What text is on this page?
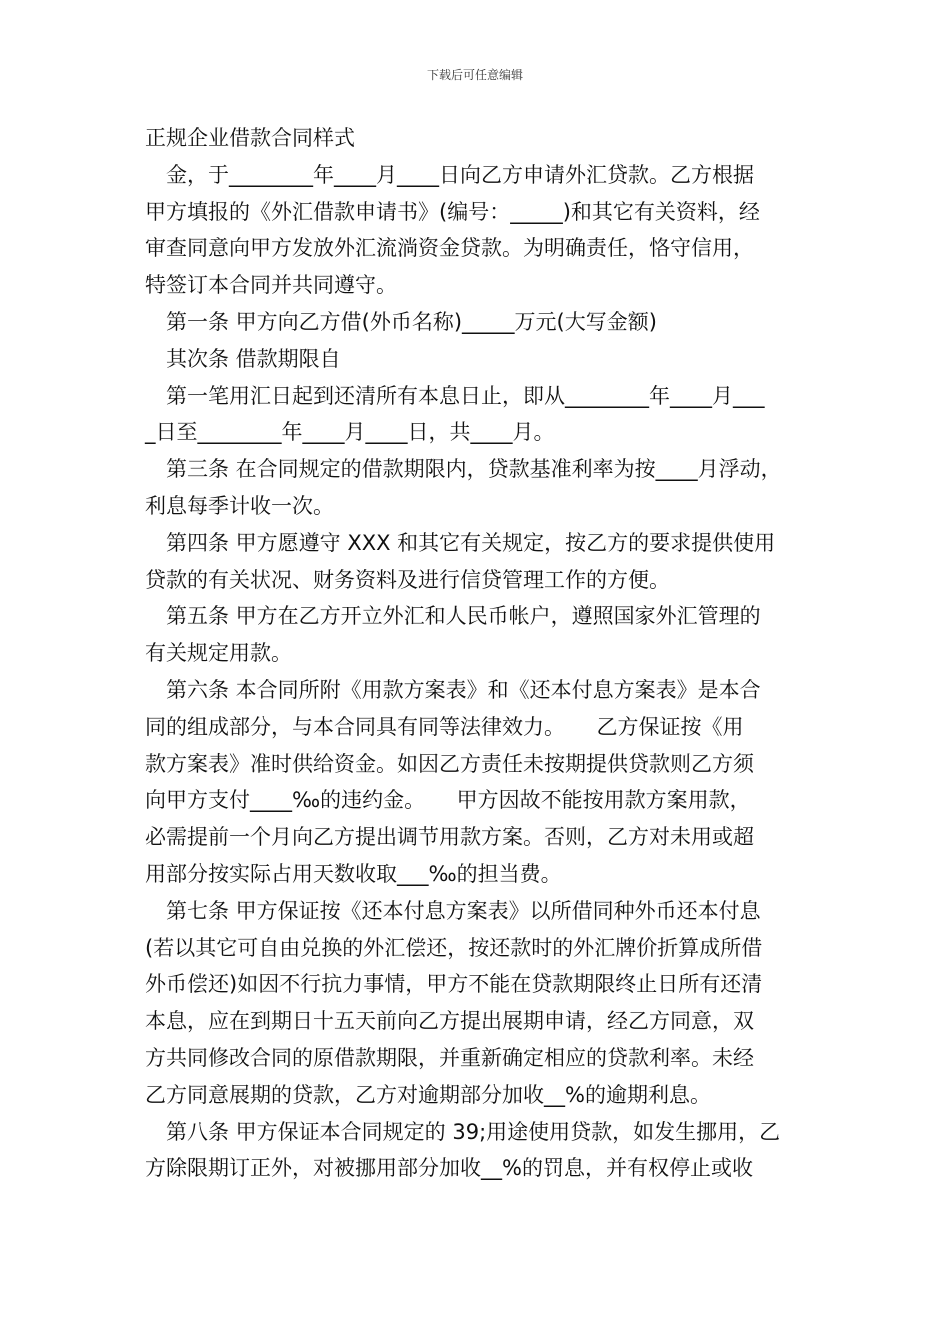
下载后可任意编辑
正规企业借款合同样式
　金，于________年____月____日向乙方申请外汇贷款。乙方根据
甲方填报的《外汇借款申请书》(编号：_____)和其它有关资料，经
审查同意向甲方发放外汇流淌资金贷款。为明确责任，恪守信用，
特签订本合同并共同遵守。
　第一条 甲方向乙方借(外币名称)_____万元(大写金额)
　其次条 借款期限自
　第一笔用汇日起到还清所有本息日止，即从________年____月___
_日至________年____月____日，共____月。
　第三条 在合同规定的借款期限内，贷款基准利率为按____月浮动，
利息每季计收一次。
　第四条 甲方愿遵守 XXX 和其它有关规定，按乙方的要求提供使用
贷款的有关状况、财务资料及进行信贷管理工作的方便。
　第五条 甲方在乙方开立外汇和人民币帐户，遵照国家外汇管理的
有关规定用款。
　第六条 本合同所附《用款方案表》和《还本付息方案表》是本合
同的组成部分，与本合同具有同等法律效力。　　乙方保证按《用
款方案表》准时供给资金。如因乙方责任未按期提供贷款则乙方须
向甲方支付____‰的违约金。　　甲方因故不能按用款方案用款，
必需提前一个月向乙方提出调节用款方案。否则，乙方对未用或超
用部分按实际占用天数收取___‰的担当费。
　第七条 甲方保证按《还本付息方案表》以所借同种外币还本付息
(若以其它可自由兑换的外汇偿还，按还款时的外汇牌价折算成所借
外币偿还)如因不行抗力事情，甲方不能在贷款期限终止日所有还清
本息，应在到期日十五天前向乙方提出展期申请，经乙方同意，双
方共同修改合同的原借款期限，并重新确定相应的贷款利率。未经
乙方同意展期的贷款，乙方对逾期部分加收__%的逾期利息。
　第八条 甲方保证本合同规定的 39;用途使用贷款，如发生挪用，乙
方除限期订正外，对被挪用部分加收__%的罚息，并有权停止或收
